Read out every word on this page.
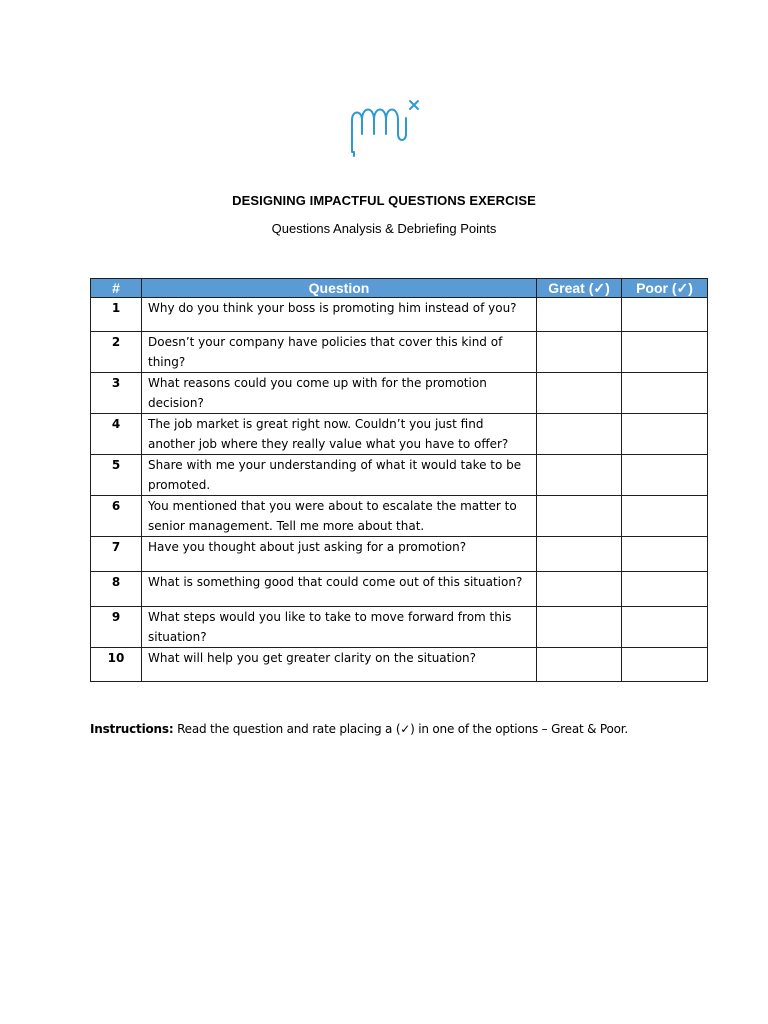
DESIGNING IMPACTFUL QUESTIONS EXERCISE
Questions Analysis & Debriefing Points
#	Question	Great (✓)	Poor (✓)
1	Why do you think your boss is promoting him instead of you?		
2	Doesn’t your company have policies that cover this kind of thing?		
3	What reasons could you come up with for the promotion decision?		
4	The job market is great right now. Couldn’t you just find another job where they really value what you have to offer?		
5	Share with me your understanding of what it would take to be promoted.		
6	You mentioned that you were about to escalate the matter to senior management. Tell me more about that.		
7	Have you thought about just asking for a promotion?		
8	What is something good that could come out of this situation?		
9	What steps would you like to take to move forward from this situation?		
10	What will help you get greater clarity on the situation?		
Instructions: Read the question and rate placing a (✓) in one of the options – Great & Poor.
